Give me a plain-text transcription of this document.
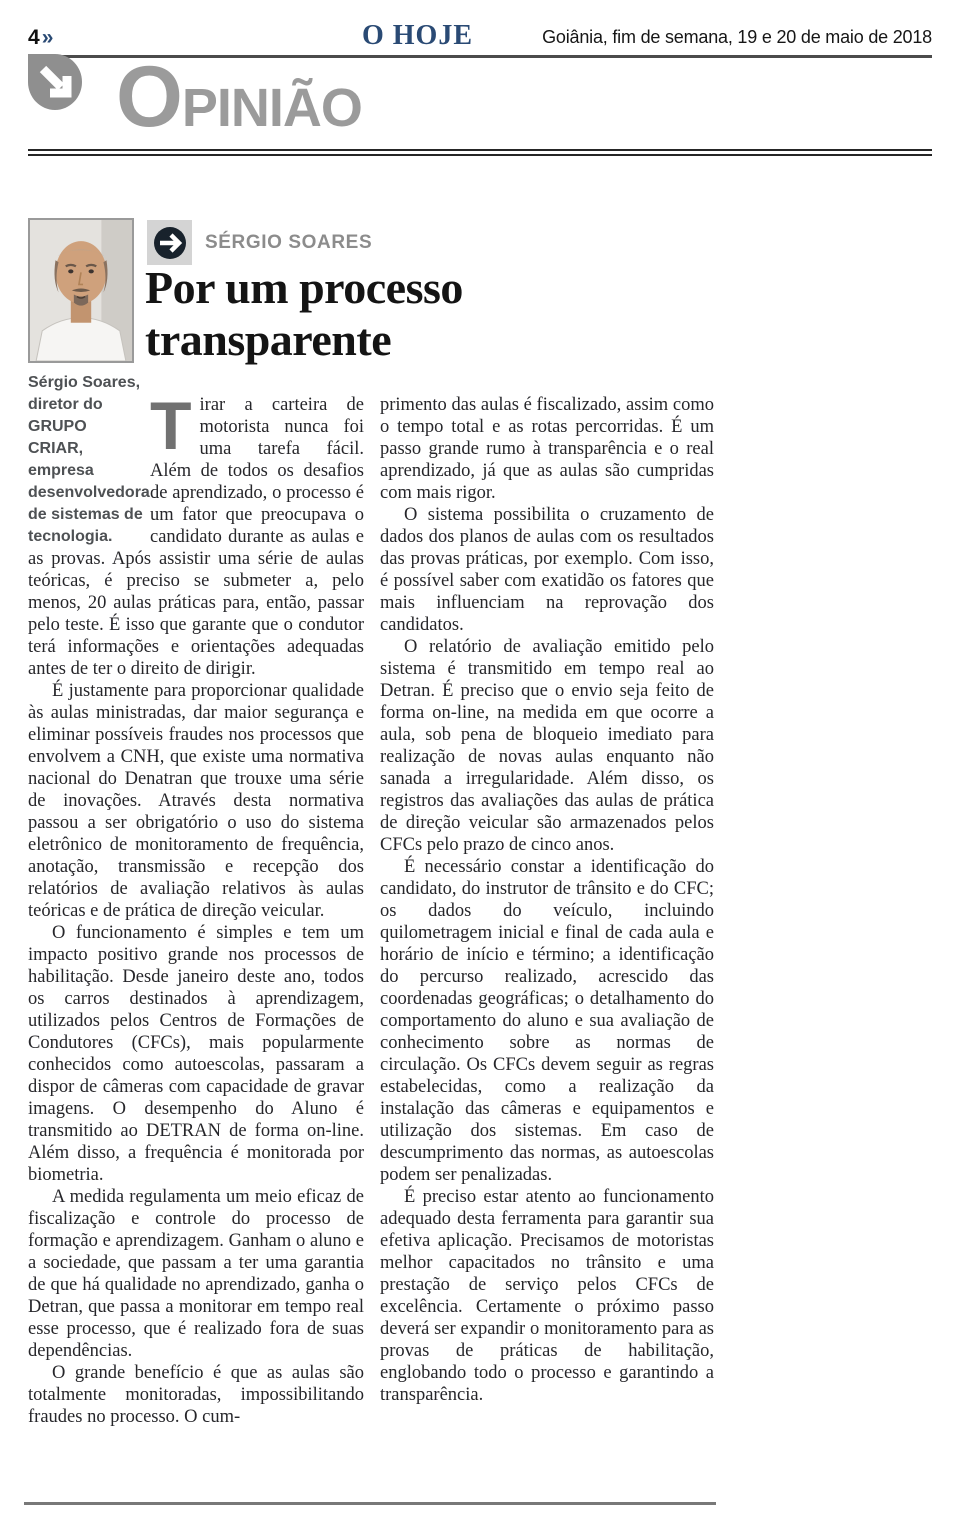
4»	O HOJE	Goiânia, fim de semana, 19 e 20 de maio de 2018
OPINIÃO
Sérgio Soares, diretor do GRUPO CRIAR, empresa desenvolvedora de sistemas de tecnologia.
SÉRGIO SOARES
Por um processo transparente
T irar a carteira de motorista nunca foi uma tarefa fácil. Além de todos os desafios de aprendizado, o processo é um fator que preocupava o candidato durante as aulas e as provas. Após assistir uma série de aulas teóricas, é preciso se submeter a, pelo menos, 20 aulas práticas para, então, passar pelo teste. É isso que garante que o condutor terá informações e orientações adequadas antes de ter o direito de dirigir.

É justamente para proporcionar qualidade às aulas ministradas, dar maior segurança e eliminar possíveis fraudes nos processos que envolvem a CNH, que existe uma normativa nacional do Denatran que trouxe uma série de inovações. Através desta normativa passou a ser obrigatório o uso do sistema eletrônico de monitoramento de frequência, anotação, transmissão e recepção dos relatórios de avaliação relativos às aulas teóricas e de prática de direção veicular.

O funcionamento é simples e tem um impacto positivo grande nos processos de habilitação. Desde janeiro deste ano, todos os carros destinados à aprendizagem, utilizados pelos Centros de Formações de Condutores (CFCs), mais popularmente conhecidos como autoescolas, passaram a dispor de câmeras com capacidade de gravar imagens. O desempenho do Aluno é transmitido ao DETRAN de forma on-line. Além disso, a frequência é monitorada por biometria.

A medida regulamenta um meio eficaz de fiscalização e controle do processo de formação e aprendizagem. Ganham o aluno e a sociedade, que passam a ter uma garantia de que há qualidade no aprendizado, ganha o Detran, que passa a monitorar em tempo real esse processo, que é realizado fora de suas dependências.

O grande benefício é que as aulas são totalmente monitoradas, impossibilitando fraudes no processo. O cum-

primento das aulas é fiscalizado, assim como o tempo total e as rotas percorridas. É um passo grande rumo à transparência e o real aprendizado, já que as aulas são cumpridas com mais rigor.

O sistema possibilita o cruzamento de dados dos planos de aulas com os resultados das provas práticas, por exemplo. Com isso, é possível saber com exatidão os fatores que mais influenciam na reprovação dos candidatos.

O relatório de avaliação emitido pelo sistema é transmitido em tempo real ao Detran. É preciso que o envio seja feito de forma on-line, na medida em que ocorre a aula, sob pena de bloqueio imediato para realização de novas aulas enquanto não sanada a irregularidade. Além disso, os registros das avaliações das aulas de prática de direção veicular são armazenados pelos CFCs pelo prazo de cinco anos.

É necessário constar a identificação do candidato, do instrutor de trânsito e do CFC; os dados do veículo, incluindo quilometragem inicial e final de cada aula e horário de início e término; a identificação do percurso realizado, acrescido das coordenadas geográficas; o detalhamento do comportamento do aluno e sua avaliação de conhecimento sobre as normas de circulação. Os CFCs devem seguir as regras estabelecidas, como a realização da instalação das câmeras e equipamentos e utilização dos sistemas. Em caso de descumprimento das normas, as autoescolas podem ser penalizadas.

É preciso estar atento ao funcionamento adequado desta ferramenta para garantir sua efetiva aplicação. Precisamos de motoristas melhor capacitados no trânsito e uma prestação de serviço pelos CFCs de excelência. Certamente o próximo passo deverá ser expandir o monitoramento para as provas de práticas de habilitação, englobando todo o processo e garantindo a transparência.
